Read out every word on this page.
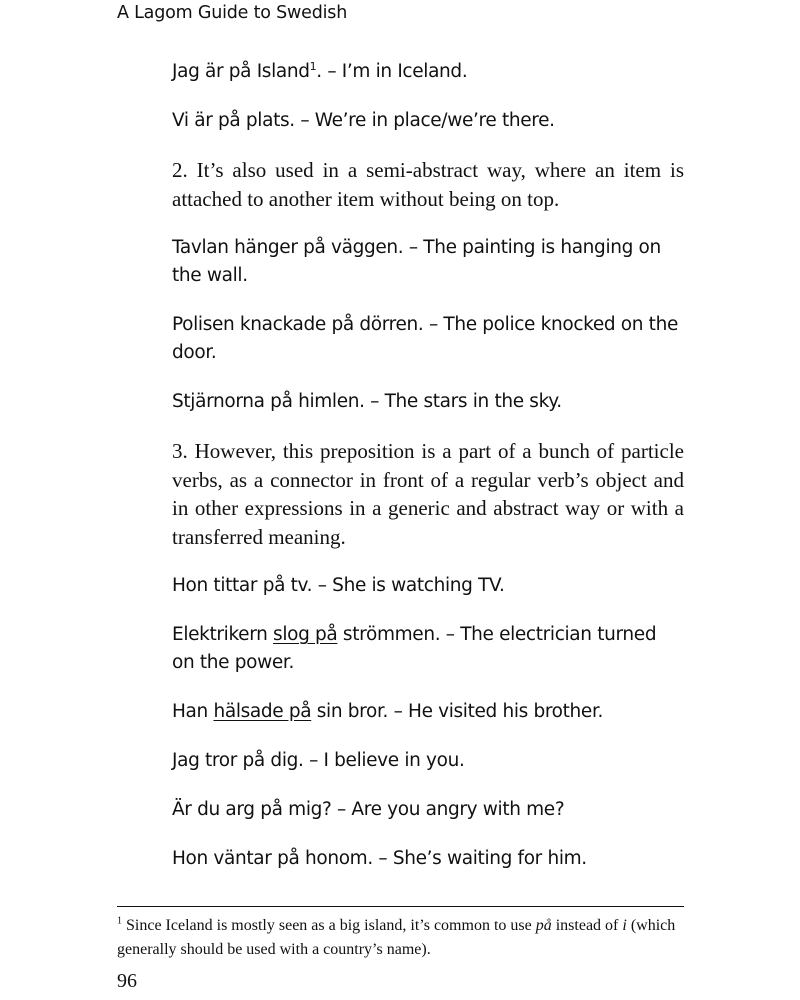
A Lagom Guide to Swedish

Jag är på Island$^1$. – I’m in Iceland.

Vi är på plats. – We’re in place/we’re there.

2. It’s also used in a semi-abstract way, where an item is attached to another item without being on top.

Tavlan hänger på väggen. – The painting is hanging on the wall.

Polisen knackade på dörren. – The police knocked on the door.

Stjärnorna på himlen. – The stars in the sky.

3. However, this preposition is a part of a bunch of particle verbs, as a connector in front of a regular verb’s object and in other expressions in a generic and abstract way or with a transferred meaning.

Hon tittar på tv. – She is watching TV.

Elektrikern slog på strömmen. – The electrician turned on the power.

Han hälsade på sin bror. – He visited his brother.

Jag tror på dig. – I believe in you.

Är du arg på mig? – Are you angry with me?

Hon väntar på honom. – She’s waiting for him.

$^1$ Since Iceland is mostly seen as a big island, it’s common to use på instead of i (which generally should be used with a country’s name).
96
